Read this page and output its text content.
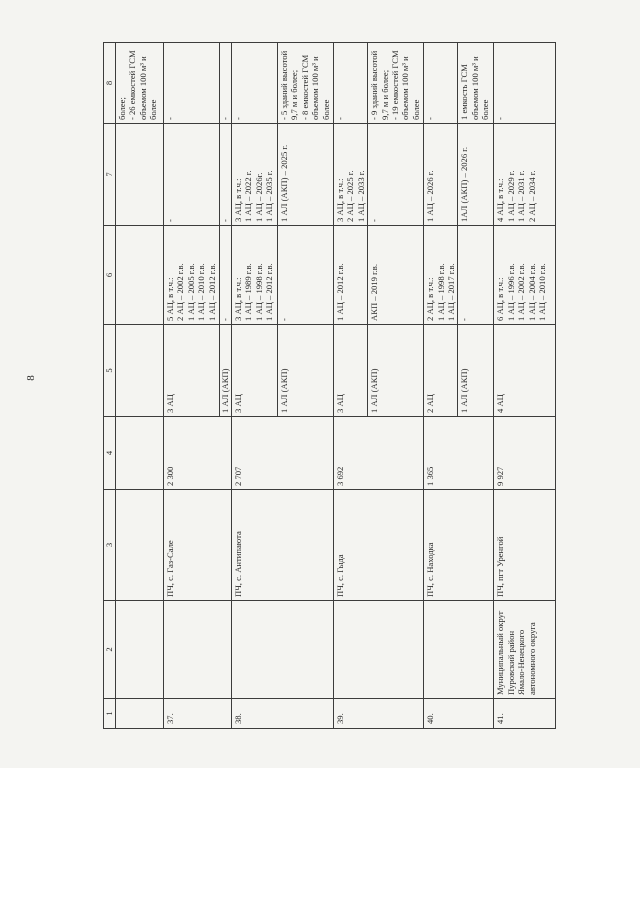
8
1	2	3	4	5	6	7	8

							более; - 26 емкостей ГСМ объемом 100 м³ и более

37.		ПЧ, с. Газ-Сале	2 300	3 АЦ	5 АЦ, в т.ч.: 2 АЦ – 2002 г.в. 1 АЦ – 2005 г.в. 1 АЦ – 2010 г.в. 1 АЦ – 2012 г.в.	-	-
				1 АЛ (АКП)	-	-	-
38.		ПЧ, с. Антипаюта	2 707	3 АЦ	3 АЦ, в т.ч.: 1 АЦ – 1989 г.в. 1 АЦ – 1998 г.в. 1 АЦ – 2012 г.в.	3 АЦ, в т.ч.: 1 АЦ – 2022 г. 1 АЦ – 2026г. 1 АЦ – 2035 г.	-
				1 АЛ (АКП)	-	1 АЛ (АКП) – 2025 г.	- 5 зданий высотой 9,7 м и более; - 8 емкостей ГСМ объемом 100 м³ и более

39.		ПЧ, с. Гыда	3 692	3 АЦ	1 АЦ – 2012 г.в.	3 АЦ, в т.ч.: 2 АЦ – 2025 г. 1 АЦ – 2033 г.	-
				1 АЛ (АКП)	АКП – 2019 г.в.	-	- 9 зданий высотой 9,7 м и более; - 19 емкостей ГСМ объемом 100 м³ и более

40.		ПЧ, с. Находка	1 365	2 АЦ	2 АЦ, в т.ч.: 1 АЦ – 1998 г.в. 1 АЦ – 2017 г.в.	1 АЦ – 2026 г.	-
				1 АЛ (АКП)	-	1АЛ (АКП) – 2026 г.	1 емкость ГСМ объемом 100 м³ и более

41.	Муниципальный округ Пуровский район Ямало-Ненецкого автономного округа	ПЧ, пгт Уренгой	9 927	4 АЦ	6 АЦ, в т.ч.: 1 АЦ – 1996 г.в. 1 АЦ – 2002 г.в. 1 АЦ – 2004 г.в. 1 АЦ – 2010 г.в.	4 АЦ, в т.ч.: 1 АЦ – 2029 г. 1 АЦ – 2031 г. 2 АЦ – 2034 г.	-
